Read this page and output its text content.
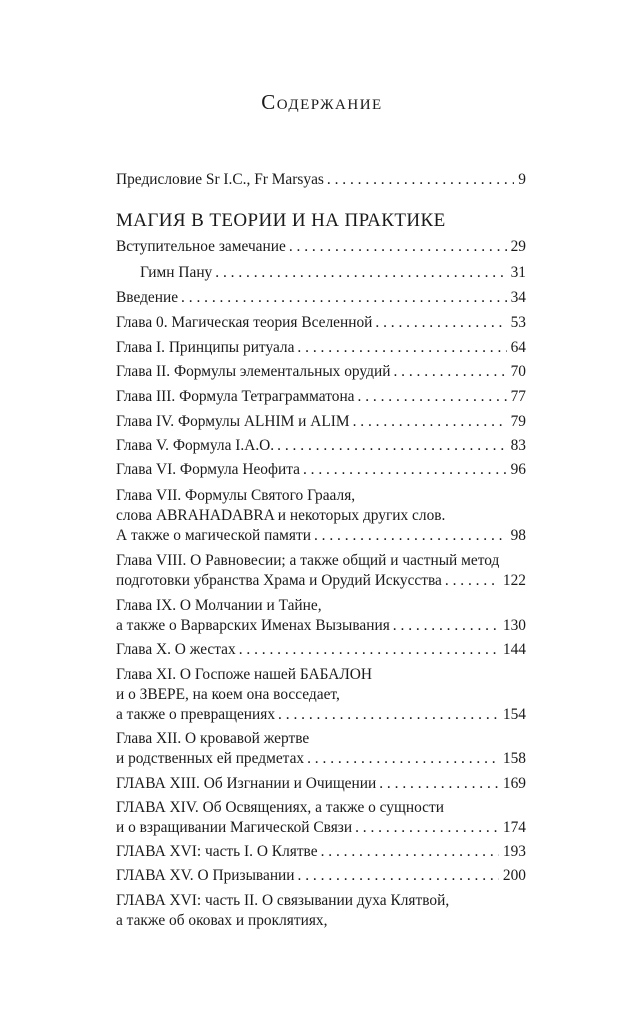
Содержание
Предисловие Sr I.C., Fr Marsyas . . .	9
МАГИЯ В ТЕОРИИ И НА ПРАКТИКЕ
Вступительное замечание . . .	29
Гимн Пану . . .	31
Введение . . .	34
Глава 0. Магическая теория Вселенной . . .	53
Глава I. Принципы ритуала . . .	64
Глава II. Формулы элементальных орудий . . .	70
Глава III. Формула Тетраграмматона . . .	77
Глава IV. Формулы ALHIM и ALIM . . .	79
Глава V. Формула I.A.O. . . .	83
Глава VI. Формула Неофита . . .	96
Глава VII. Формулы Святого Грааля,
слова ABRAHADABRA и некоторых других слов.
А также о магической памяти . . .	98
Глава VIII. О Равновесии; а также общий и частный метод
подготовки убранства Храма и Орудий Искусства . . .	122
Глава IX. О Молчании и Тайне,
а также о Варварских Именах Вызывания . . .	130
Глава X. О жестах . . .	144
Глава XI. О Госпоже нашей БАБАЛОН
и о ЗВЕРЕ, на коем она восседает,
а также о превращениях . . .	154
Глава XII. О кровавой жертве
и родственных ей предметах . . .	158
ГЛАВА XIII. Об Изгнании и Очищении . . .	169
ГЛАВА XIV. Об Освящениях, а также о сущности
и о взращивании Магической Связи . . .	174
ГЛАВА XVI: часть I. О Клятве . . .	193
ГЛАВА XV. О Призывании . . .	200
ГЛАВА XVI: часть II. О связывании духа Клятвой,
а также об оковах и проклятиях,
